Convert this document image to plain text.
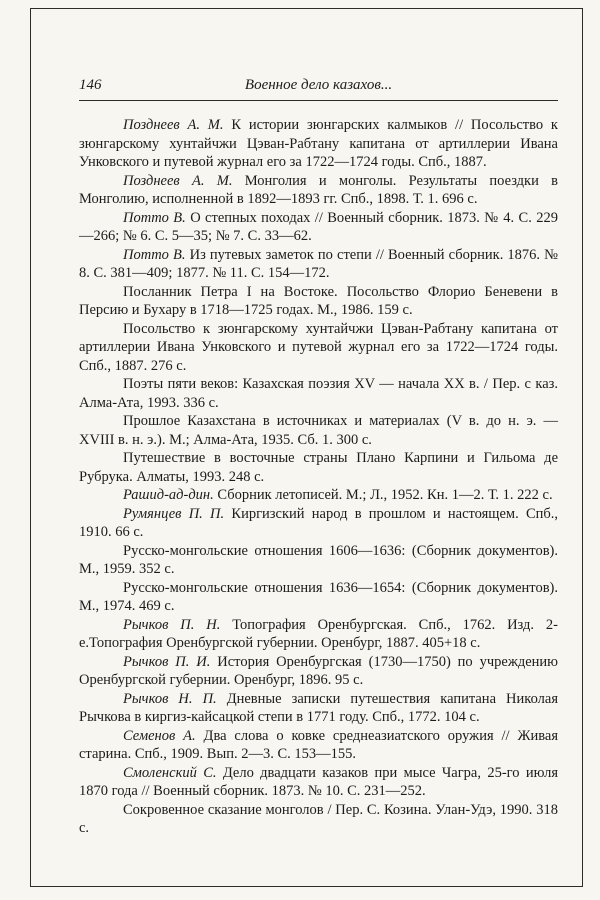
146	Военное дело казахов...

Позднеев А. М. К истории зюнгарских калмыков // Посольство к зюнгарскому хунтайчжи Цэван-Рабтану капитана от артиллерии Ивана Унковского и путевой журнал его за 1722—1724 годы. Спб., 1887.

Позднеев А. М. Монголия и монголы. Результаты поездки в Монголию, исполненной в 1892—1893 гг. Спб., 1898. Т. 1. 696 с.

Потто В. О степных походах // Военный сборник. 1873. № 4. С. 229—266; № 6. С. 5—35; № 7. С. 33—62.

Потто В. Из путевых заметок по степи // Военный сборник. 1876. № 8. С. 381—409; 1877. № 11. С. 154—172.

Посланник Петра I на Востоке. Посольство Флорио Беневени в Персию и Бухару в 1718—1725 годах. М., 1986. 159 с.

Посольство к зюнгарскому хунтайчжи Цэван-Рабтану капитана от артиллерии Ивана Унковского и путевой журнал его за 1722—1724 годы. Спб., 1887. 276 с.

Поэты пяти веков: Казахская поэзия XV — начала XX в. / Пер. с каз. Алма-Ата, 1993. 336 с.

Прошлое Казахстана в источниках и материалах (V в. до н. э. — XVIII в. н. э.). М.; Алма-Ата, 1935. Сб. 1. 300 с.

Путешествие в восточные страны Плано Карпини и Гильома де Рубрука. Алматы, 1993. 248 с.

Рашид-ад-дин. Сборник летописей. М.; Л., 1952. Кн. 1—2. Т. 1. 222 с.

Румянцев П. П. Киргизский народ в прошлом и настоящем. Спб., 1910. 66 с.

Русско-монгольские отношения 1606—1636: (Сборник документов). М., 1959. 352 с.

Русско-монгольские отношения 1636—1654: (Сборник документов). М., 1974. 469 с.

Рычков П. Н. Топография Оренбургская. Спб., 1762. Изд. 2-е.Топография Оренбургской губернии. Оренбург, 1887. 405+18 с.

Рычков П. И. История Оренбургская (1730—1750) по учреждению Оренбургской губернии. Оренбург, 1896. 95 с.

Рычков Н. П. Дневные записки путешествия капитана Николая Рычкова в киргиз-кайсацкой степи в 1771 году. Спб., 1772. 104 с.

Семенов А. Два слова о ковке среднеазиатского оружия // Живая старина. Спб., 1909. Вып. 2—3. С. 153—155.

Смоленский С. Дело двадцати казаков при мысе Чагра, 25-го июля 1870 года // Военный сборник. 1873. № 10. С. 231—252.

Сокровенное сказание монголов / Пер. С. Козина. Улан-Удэ, 1990. 318 с.
